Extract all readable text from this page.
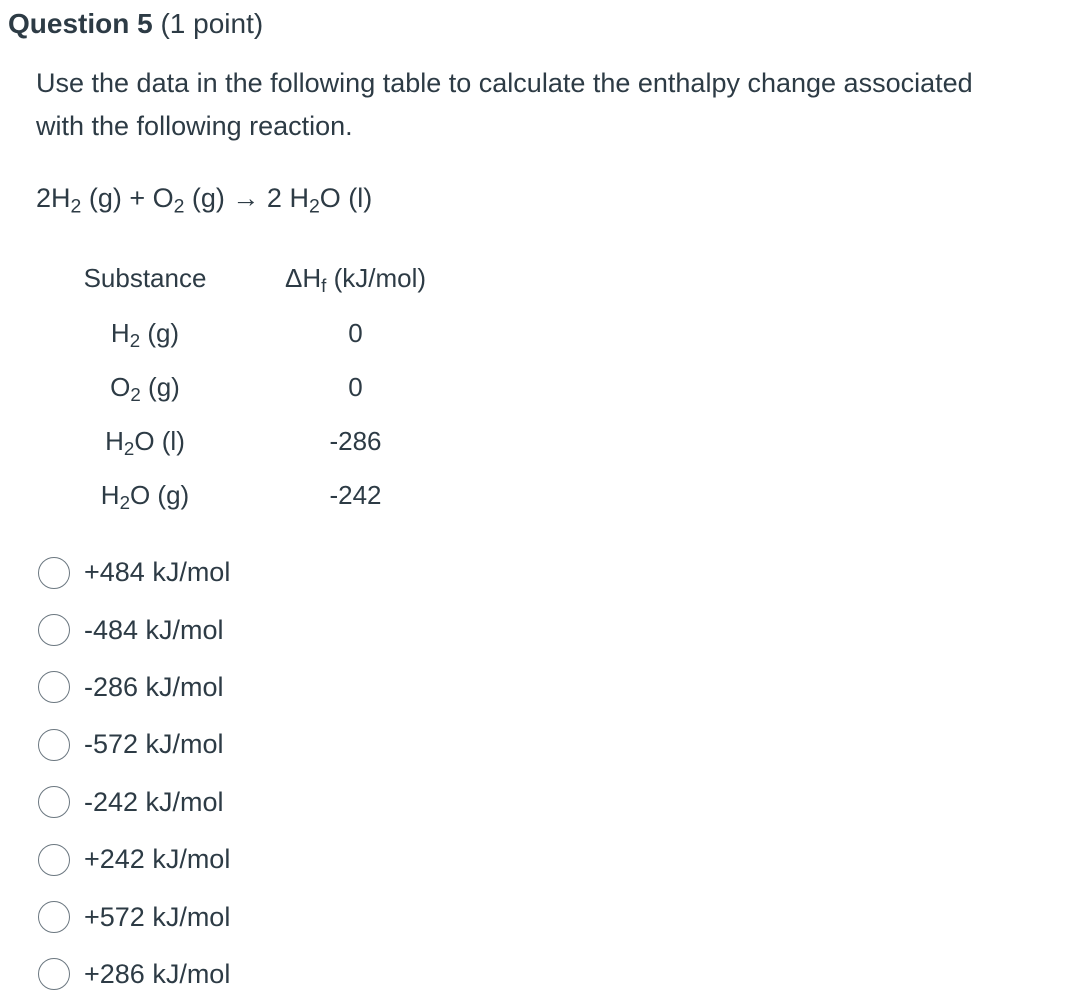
Question 5 (1 point)
Use the data in the following table to calculate the enthalpy change associated
with the following reaction.
$2H_2$ $(g) + O_2$ (g) → 2 $H_2O$ (l)
Substance	$\Delta H_f$ (kJ/mol)
$H_2$ (g)	0
$O_2$ (g)	0
$H_2O$ (l)	-286
$H_2O$ (g)	-242
+484 kJ/mol
-484 kJ/mol
-286 kJ/mol
-572 kJ/mol
-242 kJ/mol
+242 kJ/mol
+572 kJ/mol
+286 kJ/mol
